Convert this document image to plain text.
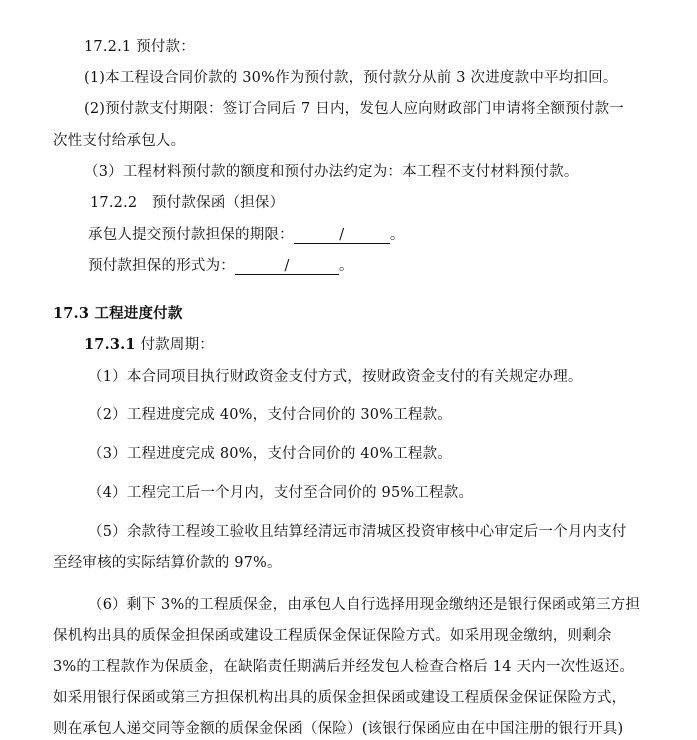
17.2.1 预付款：
(1)本工程设合同价款的 30%作为预付款，预付款分从前 3 次进度款中平均扣回。
(2)预付款支付期限：签订合同后 7 日内，发包人应向财政部门申请将全额预付款一
次性支付给承包人。
（3）工程材料预付款的额度和预付办法约定为：本工程不支付材料预付款。
17.2.2　预付款保函（担保）
承包人提交预付款担保的期限：	/	。
预付款担保的形式为：	/	。
17.3 工程进度付款
17.3.1 付款周期：
（1）本合同项目执行财政资金支付方式，按财政资金支付的有关规定办理。
（2）工程进度完成 40%，支付合同价的 30%工程款。
（3）工程进度完成 80%，支付合同价的 40%工程款。
（4）工程完工后一个月内，支付至合同价的 95%工程款。
（5）余款待工程竣工验收且结算经清远市清城区投资审核中心审定后一个月内支付
至经审核的实际结算价款的 97%。
（6）剩下 3%的工程质保金，由承包人自行选择用现金缴纳还是银行保函或第三方担
保机构出具的质保金担保函或建设工程质保金保证保险方式。如采用现金缴纳，则剩余
3%的工程款作为保质金，在缺陷责任期满后并经发包人检查合格后 14 天内一次性返还。
如采用银行保函或第三方担保机构出具的质保金担保函或建设工程质保金保证保险方式，
则在承包人递交同等金额的质保金保函（保险）(该银行保函应由在中国注册的银行开具)
